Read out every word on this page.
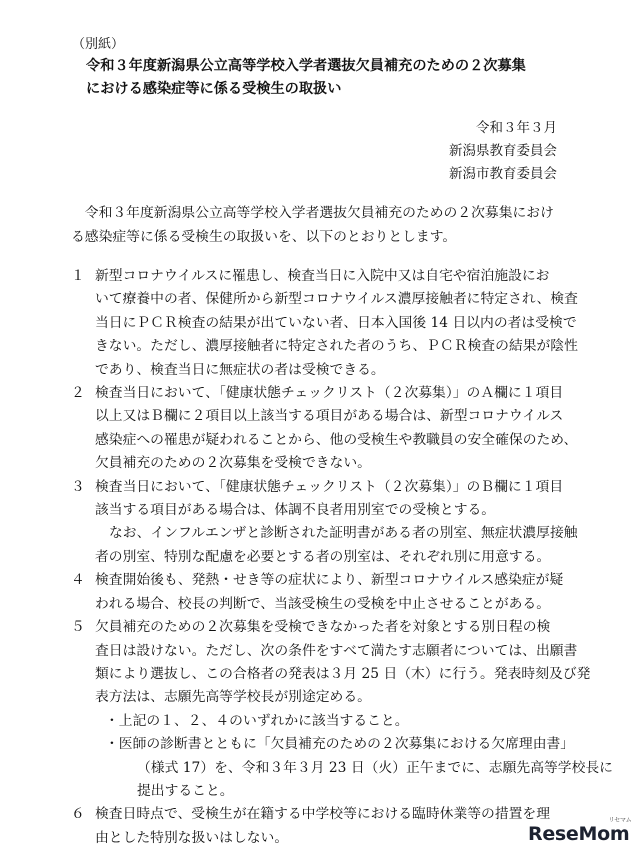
（別紙）
令和３年度新潟県公立高等学校入学者選抜欠員補充のための２次募集
における感染症等に係る受検生の取扱い
令和３年３月
新潟県教育委員会
新潟市教育委員会
　令和３年度新潟県公立高等学校入学者選抜欠員補充のための２次募集におけ
る感染症等に係る受検生の取扱いを、以下のとおりとします。
１ 新型コロナウイルスに罹患し、検査当日に入院中又は自宅や宿泊施設にお
いて療養中の者、保健所から新型コロナウイルス濃厚接触者に特定され、検査
当日にＰＣＲ検査の結果が出ていない者、日本入国後 14 日以内の者は受検で
きない。ただし、濃厚接触者に特定された者のうち、ＰＣＲ検査の結果が陰性
であり、検査当日に無症状の者は受検できる。
２ 検査当日において、「健康状態チェックリスト（２次募集）」のＡ欄に１項目
以上又はＢ欄に２項目以上該当する項目がある場合は、新型コロナウイルス
感染症への罹患が疑われることから、他の受検生や教職員の安全確保のため、
欠員補充のための２次募集を受検できない。
３ 検査当日において、「健康状態チェックリスト（２次募集）」のＢ欄に１項目
該当する項目がある場合は、体調不良者用別室での受検とする。
なお、インフルエンザと診断された証明書がある者の別室、無症状濃厚接触
者の別室、特別な配慮を必要とする者の別室は、それぞれ別に用意する。
４ 検査開始後も、発熱・せき等の症状により、新型コロナウイルス感染症が疑
われる場合、校長の判断で、当該受検生の受検を中止させることがある。
５ 欠員補充のための２次募集を受検できなかった者を対象とする別日程の検
査日は設けない。ただし、次の条件をすべて満たす志願者については、出願書
類により選抜し、この合格者の発表は３月 25 日（木）に行う。発表時刻及び発
表方法は、志願先高等学校長が別途定める。
・上記の１、２、４のいずれかに該当すること。
・医師の診断書とともに「欠員補充のための２次募集における欠席理由書」
（様式 17）を、令和３年３月 23 日（火）正午までに、志願先高等学校長に
提出すること。
６ 検査日時点で、受検生が在籍する中学校等における臨時休業等の措置を理
由とした特別な扱いはしない。	ReseMom
リセマム
